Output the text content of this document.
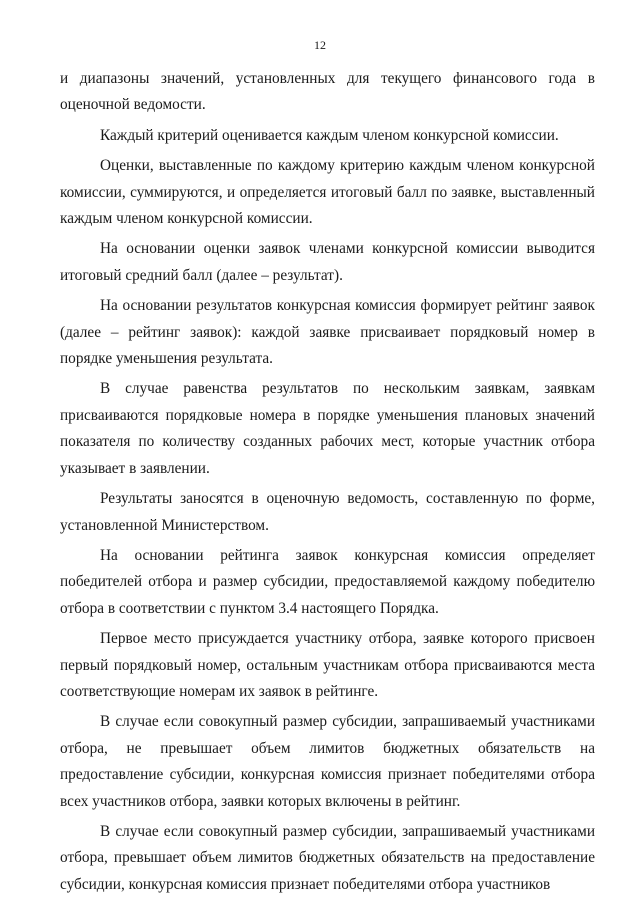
12

и диапазоны значений, установленных для текущего финансового года в оценочной ведомости.

Каждый критерий оценивается каждым членом конкурсной комиссии.

Оценки, выставленные по каждому критерию каждым членом конкурсной комиссии, суммируются, и определяется итоговый балл по заявке, выставленный каждым членом конкурсной комиссии.

На основании оценки заявок членами конкурсной комиссии выводится итоговый средний балл (далее – результат).

На основании результатов конкурсная комиссия формирует рейтинг заявок (далее – рейтинг заявок): каждой заявке присваивает порядковый номер в порядке уменьшения результата.

В случае равенства результатов по нескольким заявкам, заявкам присваиваются порядковые номера в порядке уменьшения плановых значений показателя по количеству созданных рабочих мест, которые участник отбора указывает в заявлении.

Результаты заносятся в оценочную ведомость, составленную по форме, установленной Министерством.

На основании рейтинга заявок конкурсная комиссия определяет победителей отбора и размер субсидии, предоставляемой каждому победителю отбора в соответствии с пунктом 3.4 настоящего Порядка.

Первое место присуждается участнику отбора, заявке которого присвоен первый порядковый номер, остальным участникам отбора присваиваются места соответствующие номерам их заявок в рейтинге.

В случае если совокупный размер субсидии, запрашиваемый участниками отбора, не превышает объем лимитов бюджетных обязательств на предоставление субсидии, конкурсная комиссия признает победителями отбора всех участников отбора, заявки которых включены в рейтинг.

В случае если совокупный размер субсидии, запрашиваемый участниками отбора, превышает объем лимитов бюджетных обязательств на предоставление субсидии, конкурсная комиссия признает победителями отбора участников
